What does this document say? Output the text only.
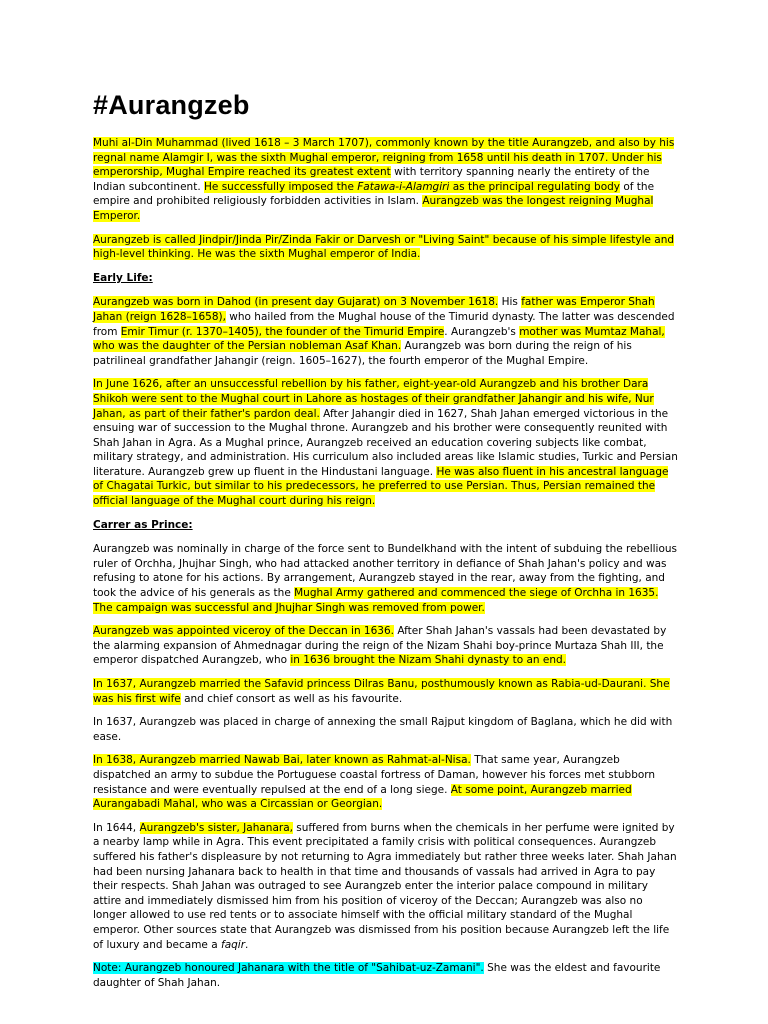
#Aurangzeb

Muhi al-Din Muhammad (lived 1618 – 3 March 1707), commonly known by the title Aurangzeb, and also by his regnal name Alamgir I, was the sixth Mughal emperor, reigning from 1658 until his death in 1707. Under his emperorship, Mughal Empire reached its greatest extent with territory spanning nearly the entirety of the Indian subcontinent. He successfully imposed the Fatawa-i-Alamgiri as the principal regulating body of the empire and prohibited religiously forbidden activities in Islam. Aurangzeb was the longest reigning Mughal Emperor.

Aurangzeb is called Jindpir/Jinda Pir/Zinda Fakir or Darvesh or "Living Saint" because of his simple lifestyle and high-level thinking. He was the sixth Mughal emperor of India.

Early Life:

Aurangzeb was born in Dahod (in present day Gujarat) on 3 November 1618. His father was Emperor Shah Jahan (reign 1628–1658), who hailed from the Mughal house of the Timurid dynasty. The latter was descended from Emir Timur (r. 1370–1405), the founder of the Timurid Empire. Aurangzeb's mother was Mumtaz Mahal, who was the daughter of the Persian nobleman Asaf Khan. Aurangzeb was born during the reign of his patrilineal grandfather Jahangir (reign. 1605–1627), the fourth emperor of the Mughal Empire.

In June 1626, after an unsuccessful rebellion by his father, eight-year-old Aurangzeb and his brother Dara Shikoh were sent to the Mughal court in Lahore as hostages of their grandfather Jahangir and his wife, Nur Jahan, as part of their father's pardon deal. After Jahangir died in 1627, Shah Jahan emerged victorious in the ensuing war of succession to the Mughal throne. Aurangzeb and his brother were consequently reunited with Shah Jahan in Agra. As a Mughal prince, Aurangzeb received an education covering subjects like combat, military strategy, and administration. His curriculum also included areas like Islamic studies, Turkic and Persian literature. Aurangzeb grew up fluent in the Hindustani language. He was also fluent in his ancestral language of Chagatai Turkic, but similar to his predecessors, he preferred to use Persian. Thus, Persian remained the official language of the Mughal court during his reign.

Carrer as Prince:

Aurangzeb was nominally in charge of the force sent to Bundelkhand with the intent of subduing the rebellious ruler of Orchha, Jhujhar Singh, who had attacked another territory in defiance of Shah Jahan's policy and was refusing to atone for his actions. By arrangement, Aurangzeb stayed in the rear, away from the fighting, and took the advice of his generals as the Mughal Army gathered and commenced the siege of Orchha in 1635. The campaign was successful and Jhujhar Singh was removed from power.

Aurangzeb was appointed viceroy of the Deccan in 1636. After Shah Jahan's vassals had been devastated by the alarming expansion of Ahmednagar during the reign of the Nizam Shahi boy-prince Murtaza Shah III, the emperor dispatched Aurangzeb, who in 1636 brought the Nizam Shahi dynasty to an end.

In 1637, Aurangzeb married the Safavid princess Dilras Banu, posthumously known as Rabia-ud-Daurani. She was his first wife and chief consort as well as his favourite.

In 1637, Aurangzeb was placed in charge of annexing the small Rajput kingdom of Baglana, which he did with ease.

In 1638, Aurangzeb married Nawab Bai, later known as Rahmat-al-Nisa. That same year, Aurangzeb dispatched an army to subdue the Portuguese coastal fortress of Daman, however his forces met stubborn resistance and were eventually repulsed at the end of a long siege. At some point, Aurangzeb married Aurangabadi Mahal, who was a Circassian or Georgian.

In 1644, Aurangzeb's sister, Jahanara, suffered from burns when the chemicals in her perfume were ignited by a nearby lamp while in Agra. This event precipitated a family crisis with political consequences. Aurangzeb suffered his father's displeasure by not returning to Agra immediately but rather three weeks later. Shah Jahan had been nursing Jahanara back to health in that time and thousands of vassals had arrived in Agra to pay their respects. Shah Jahan was outraged to see Aurangzeb enter the interior palace compound in military attire and immediately dismissed him from his position of viceroy of the Deccan; Aurangzeb was also no longer allowed to use red tents or to associate himself with the official military standard of the Mughal emperor. Other sources state that Aurangzeb was dismissed from his position because Aurangzeb left the life of luxury and became a faqir.

Note: Aurangzeb honoured Jahanara with the title of "Sahibat-uz-Zamani". She was the eldest and favourite daughter of Shah Jahan.
